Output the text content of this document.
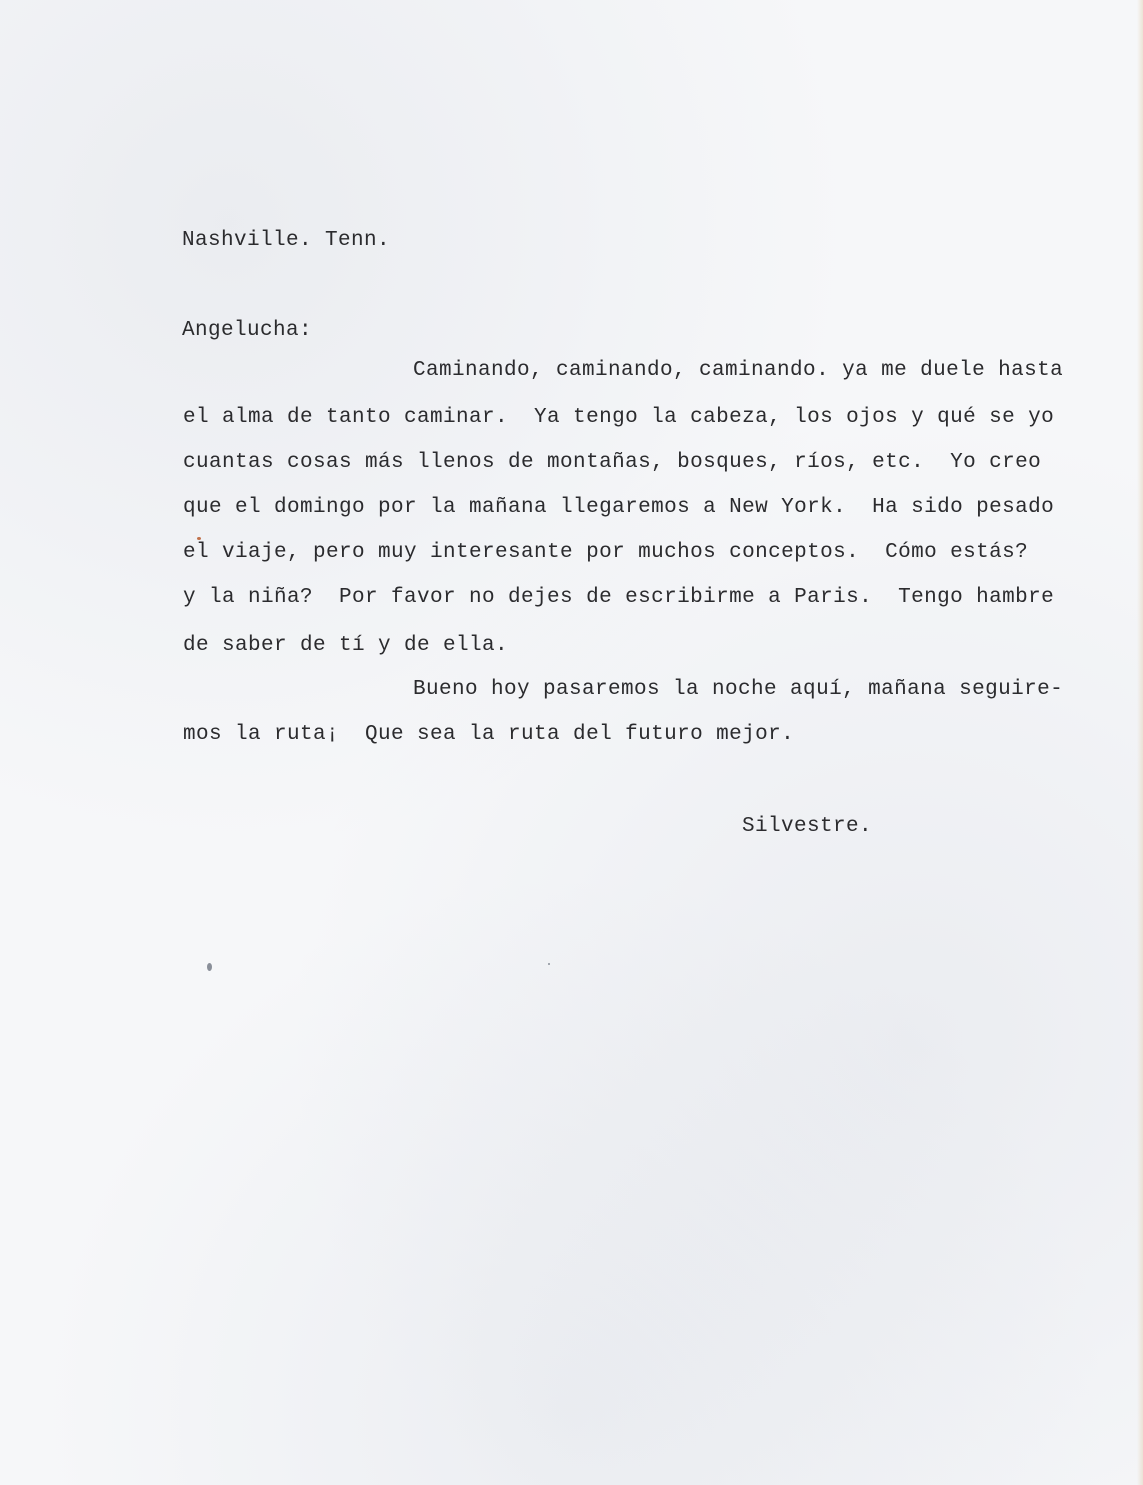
Nashville. Tenn.
Angelucha:
Caminando, caminando, caminando. ya me duele hasta
el alma de tanto caminar.  Ya tengo la cabeza, los ojos y qué se yo
cuantas cosas más llenos de montañas, bosques, ríos, etc.  Yo creo
que el domingo por la mañana llegaremos a New York.  Ha sido pesado
el viaje, pero muy interesante por muchos conceptos.  Cómo estás?
y la niña?  Por favor no dejes de escribirme a Paris.  Tengo hambre
de saber de tí y de ella.
Bueno hoy pasaremos la noche aquí, mañana seguire-
mos la ruta¡  Que sea la ruta del futuro mejor.
Silvestre.
